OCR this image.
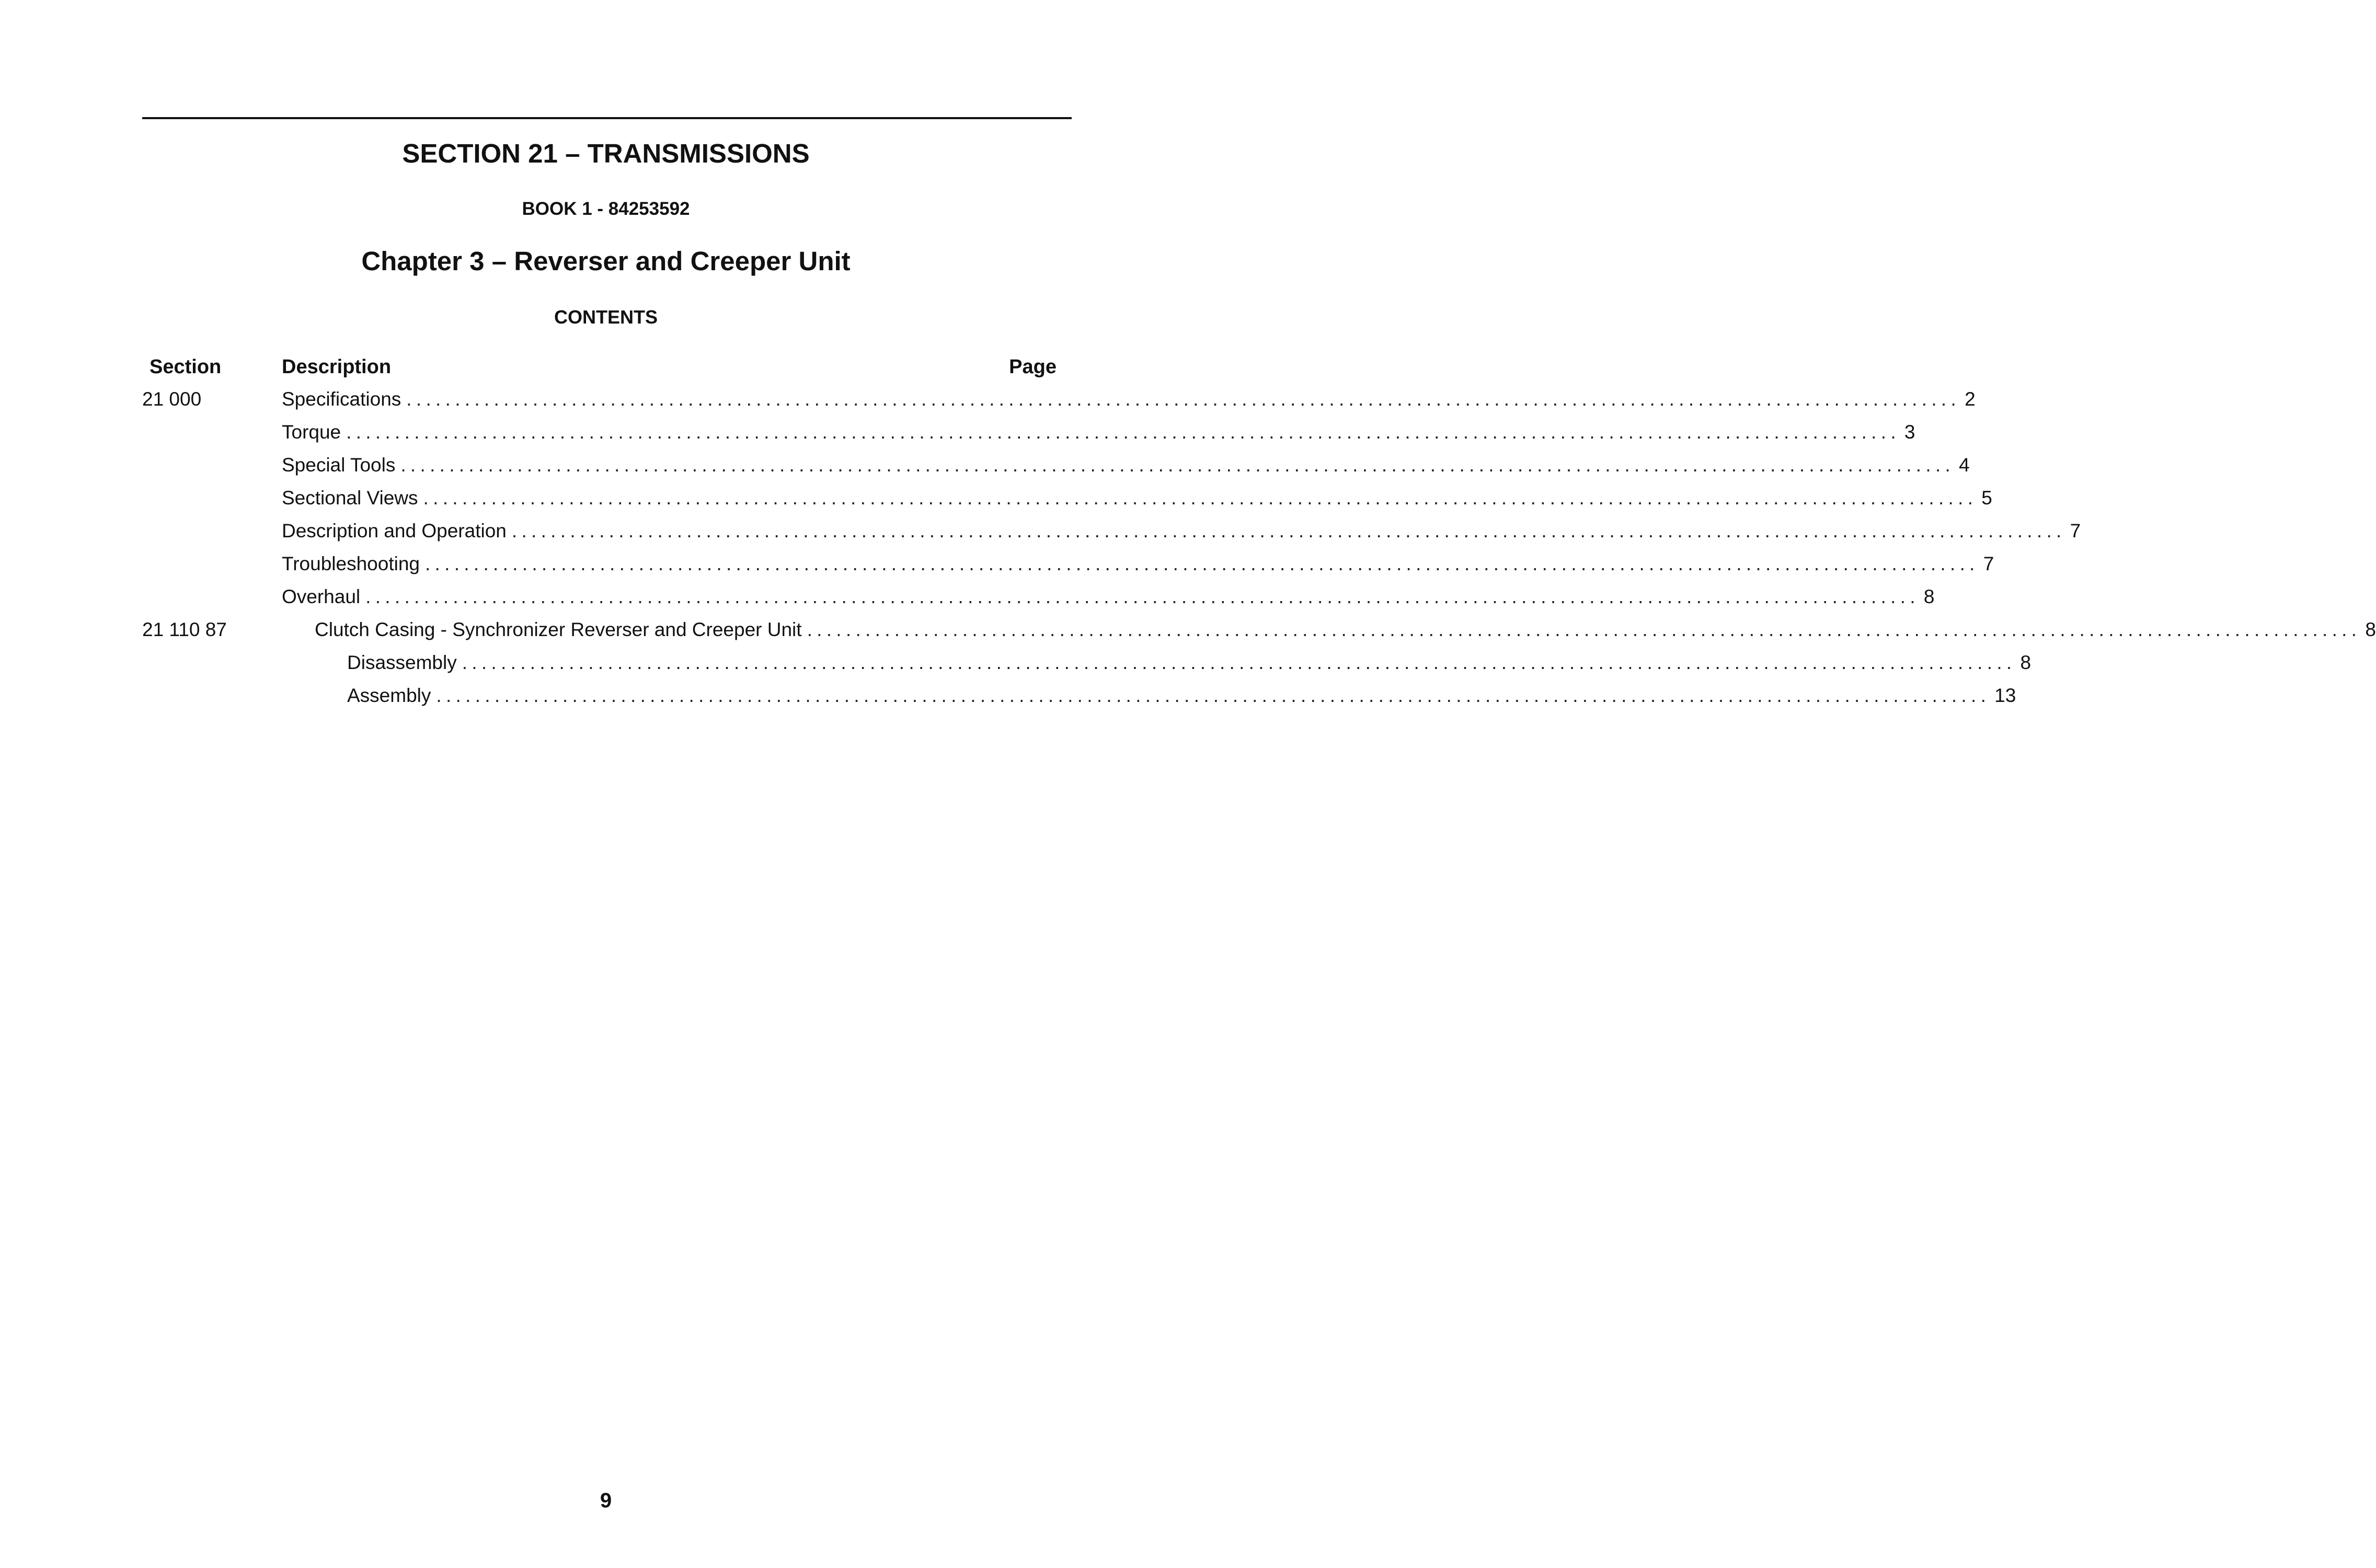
SECTION 21 – TRANSMISSIONS
BOOK 1 - 84253592
Chapter 3 – Reverser and Creeper Unit
CONTENTS
Section	Description	Page
21 000	Specifications ................................................................................................................................................................ 2
Torque ................................................................................................................................................................ 3
Special Tools ................................................................................................................................................................ 4
Sectional Views ................................................................................................................................................................ 5
Description and Operation ................................................................................................................................................................ 7
Troubleshooting ................................................................................................................................................................ 7
Overhaul ................................................................................................................................................................ 8
21 110 87	Clutch Casing - Synchronizer Reverser and Creeper Unit ................................................................................................................................................................ 8
Disassembly ................................................................................................................................................................ 8
Assembly ................................................................................................................................................................ 13
9
